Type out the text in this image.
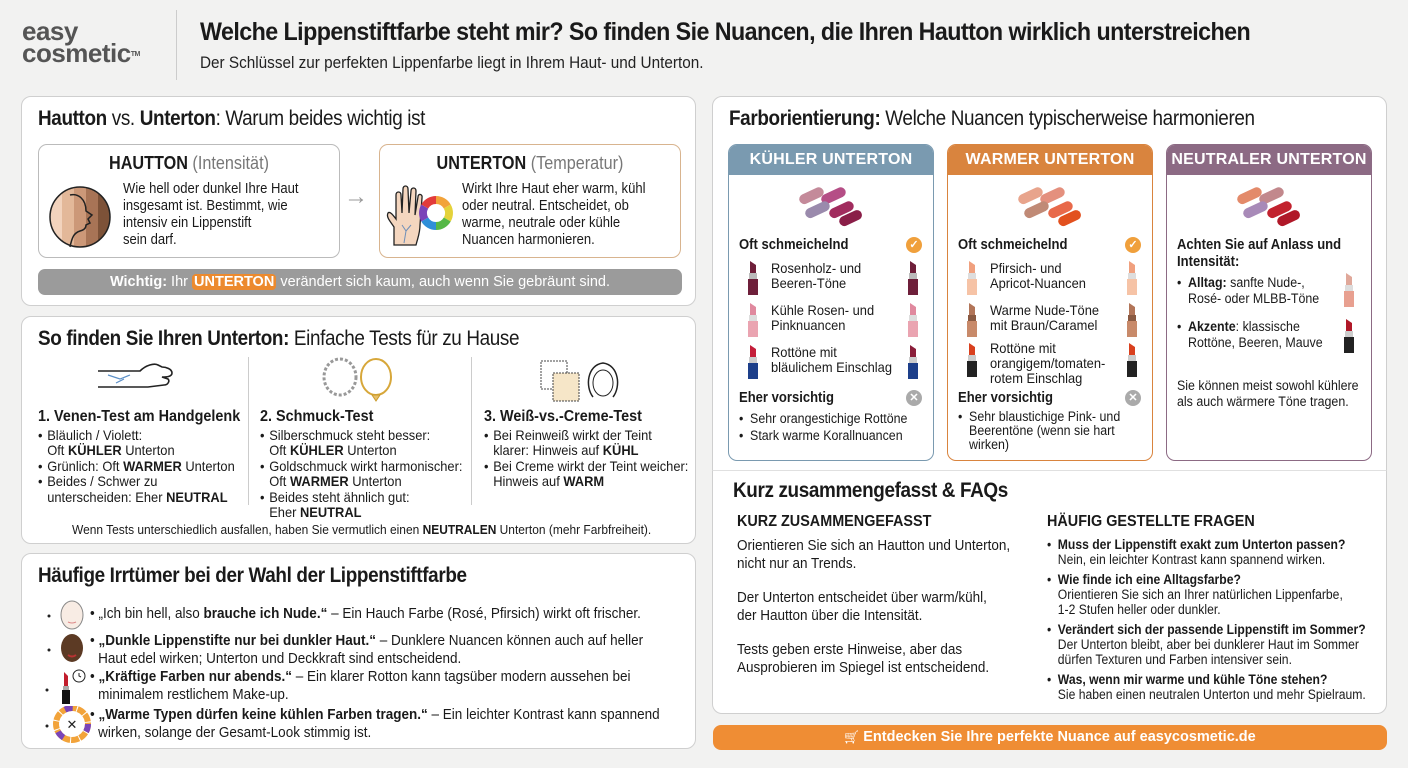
easy
cosmetic™
Welche Lippenstiftfarbe steht mir? So finden Sie Nuancen, die Ihren Hautton wirklich unterstreichen
Der Schlüssel zur perfekten Lippenfarbe liegt in Ihrem Haut- und Unterton.
Hautton vs. Unterton: Warum beides wichtig ist
HAUTTON (Intensität)
Wie hell oder dunkel Ihre Haut
insgesamt ist. Bestimmt, wie
intensiv ein Lippenstift
sein darf.
→
UNTERTON (Temperatur)
Wirkt Ihre Haut eher warm, kühl
oder neutral. Entscheidet, ob
warme, neutrale oder kühle
Nuancen harmonieren.
Wichtig: Ihr UNTERTON verändert sich kaum, auch wenn Sie gebräunt sind.
So finden Sie Ihren Unterton: Einfache Tests für zu Hause
1. Venen-Test am Handgelenk
• Bläulich / Violett:
Oft KÜHLER Unterton
• Grünlich: Oft WARMER Unterton
• Beides / Schwer zu
unterscheiden: Eher NEUTRAL
2. Schmuck-Test
• Silberschmuck steht besser:
Oft KÜHLER Unterton
• Goldschmuck wirkt harmonischer:
Oft WARMER Unterton
• Beides steht ähnlich gut:
Eher NEUTRAL
3. Weiß-vs.-Creme-Test
• Bei Reinweiß wirkt der Teint
klarer: Hinweis auf KÜHL
• Bei Creme wirkt der Teint weicher:
Hinweis auf WARM
Wenn Tests unterschiedlich ausfallen, haben Sie vermutlich einen NEUTRALEN Unterton (mehr Farbfreiheit).
Häufige Irrtümer bei der Wahl der Lippenstiftfarbe
• „Ich bin hell, also brauche ich Nude.“ – Ein Hauch Farbe (Rosé, Pfirsich) wirkt oft frischer.
• „Dunkle Lippenstifte nur bei dunkler Haut.“ – Dunklere Nuancen können auch auf heller
Haut edel wirken; Unterton und Deckkraft sind entscheidend.
• „Kräftige Farben nur abends.“ – Ein klarer Rotton kann tagsüber modern aussehen bei
minimalem restlichem Make-up.
✕
• „Warme Typen dürfen keine kühlen Farben tragen.“ – Ein leichter Kontrast kann spannend
wirken, solange der Gesamt-Look stimmig ist.
Farborientierung: Welche Nuancen typischerweise harmonieren
KÜHLER UNTERTON
Oft schmeichelnd	✓
Rosenholz- und
Beeren-Töne
Kühle Rosen- und
Pinknuancen
Rottöne mit
bläulichem Einschlag
Eher vorsichtig	✕
• Sehr orangestichige Rottöne
• Stark warme Korallnuancen
WARMER UNTERTON
Oft schmeichelnd	✓
Pfirsich- und
Apricot-Nuancen
Warme Nude-Töne
mit Braun/Caramel
Rottöne mit
orangigem/tomaten-
rotem Einschlag
Eher vorsichtig	✕
• Sehr blaustichige Pink- und
Beerentöne (wenn sie hart
wirken)
NEUTRALER UNTERTON
Achten Sie auf Anlass und
Intensität:
• Alltag: sanfte Nude-,
Rosé- oder MLBB-Töne
• Akzente: klassische
Rottöne, Beeren, Mauve
Sie können meist sowohl kühlere
als auch wärmere Töne tragen.
Kurz zusammengefasst & FAQs
KURZ ZUSAMMENGEFASST

Orientieren Sie sich an Hautton und Unterton,
nicht nur an Trends.

Der Unterton entscheidet über warm/kühl,
der Hautton über die Intensität.

Tests geben erste Hinweise, aber das
Ausprobieren im Spiegel ist entscheidend.

HÄUFIG GESTELLTE FRAGEN
• Muss der Lippenstift exakt zum Unterton passen?
Nein, ein leichter Kontrast kann spannend wirken.
• Wie finde ich eine Alltagsfarbe?
Orientieren Sie sich an Ihrer natürlichen Lippenfarbe,
1-2 Stufen heller oder dunkler.
• Verändert sich der passende Lippenstift im Sommer?
Der Unterton bleibt, aber bei dunklerer Haut im Sommer
dürfen Texturen und Farben intensiver sein.
• Was, wenn mir warme und kühle Töne stehen?
Sie haben einen neutralen Unterton und mehr Spielraum.
🛒 Entdecken Sie Ihre perfekte Nuance auf easycosmetic.de
